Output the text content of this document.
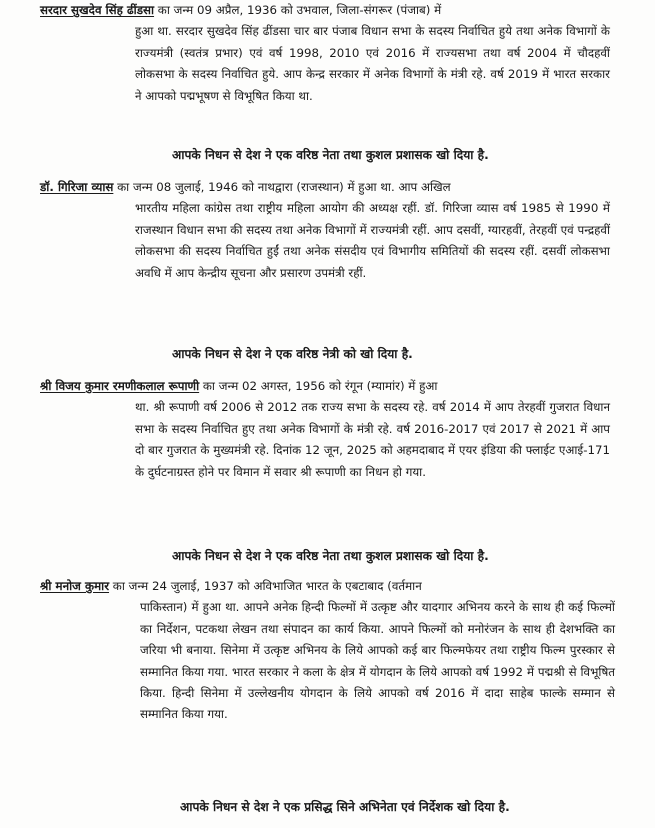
सरदार सुखदेव सिंह ढींडसा का जन्म 09 अप्रैल, 1936 को उभवाल, जिला-संगरूर (पंजाब) में

हुआ था. सरदार सुखदेव सिंह ढींडसा चार बार पंजाब विधान सभा के सदस्य निर्वाचित हुये तथा अनेक विभागों के राज्यमंत्री (स्वतंत्र प्रभार) एवं वर्ष 1998, 2010 एवं 2016 में राज्यसभा तथा वर्ष 2004 में चौदहवीं लोकसभा के सदस्य निर्वाचित हुये. आप केन्द्र सरकार में अनेक विभागों के मंत्री रहे. वर्ष 2019 में भारत सरकार ने आपको पद्मभूषण से विभूषित किया था.

आपके निधन से देश ने एक वरिष्ठ नेता तथा कुशल प्रशासक खो दिया है.

डॉ. गिरिजा व्यास का जन्म 08 जुलाई, 1946 को नाथद्वारा (राजस्थान) में हुआ था. आप अखिल

भारतीय महिला कांग्रेस तथा राष्ट्रीय महिला आयोग की अध्यक्ष रहीं. डॉ. गिरिजा व्यास वर्ष 1985 से 1990 में राजस्थान विधान सभा की सदस्य तथा अनेक विभागों में राज्यमंत्री रहीं. आप दसवीं, ग्यारहवीं, तेरहवीं एवं पन्द्रहवीं लोकसभा की सदस्य निर्वाचित हुईं तथा अनेक संसदीय एवं विभागीय समितियों की सदस्य रहीं. दसवीं लोकसभा अवधि में आप केन्द्रीय सूचना और प्रसारण उपमंत्री रहीं.

आपके निधन से देश ने एक वरिष्ठ नेत्री को खो दिया है.

श्री विजय कुमार रमणीकलाल रूपाणी का जन्म 02 अगस्त, 1956 को रंगून (म्यामांर) में हुआ

था. श्री रूपाणी वर्ष 2006 से 2012 तक राज्य सभा के सदस्य रहे. वर्ष 2014 में आप तेरहवीं गुजरात विधान सभा के सदस्य निर्वाचित हुए तथा अनेक विभागों के मंत्री रहे. वर्ष 2016-2017 एवं 2017 से 2021 में आप दो बार गुजरात के मुख्यमंत्री रहे. दिनांक 12 जून, 2025 को अहमदाबाद में एयर इंडिया की फ्लाईट एआई-171 के दुर्घटनाग्रस्त होने पर विमान में सवार श्री रूपाणी का निधन हो गया.

आपके निधन से देश ने एक वरिष्ठ नेता तथा कुशल प्रशासक खो दिया है.

श्री मनोज कुमार का जन्म 24 जुलाई, 1937 को अविभाजित भारत के एबटाबाद (वर्तमान

पाकिस्तान) में हुआ था. आपने अनेक हिन्दी फिल्मों में उत्कृष्ट और यादगार अभिनय करने के साथ ही कई फिल्मों का निर्देशन, पटकथा लेखन तथा संपादन का कार्य किया. आपने फिल्मों को मनोरंजन के साथ ही देशभक्ति का जरिया भी बनाया. सिनेमा में उत्कृष्ट अभिनय के लिये आपको कई बार फिल्मफेयर तथा राष्ट्रीय फिल्म पुरस्कार से सम्मानित किया गया. भारत सरकार ने कला के क्षेत्र में योगदान के लिये आपको वर्ष 1992 में पद्मश्री से विभूषित किया. हिन्दी सिनेमा में उल्लेखनीय योगदान के लिये आपको वर्ष 2016 में दादा साहेब फाल्के सम्मान से सम्मानित किया गया.

आपके निधन से देश ने एक प्रसिद्ध सिने अभिनेता एवं निर्देशक खो दिया है.
